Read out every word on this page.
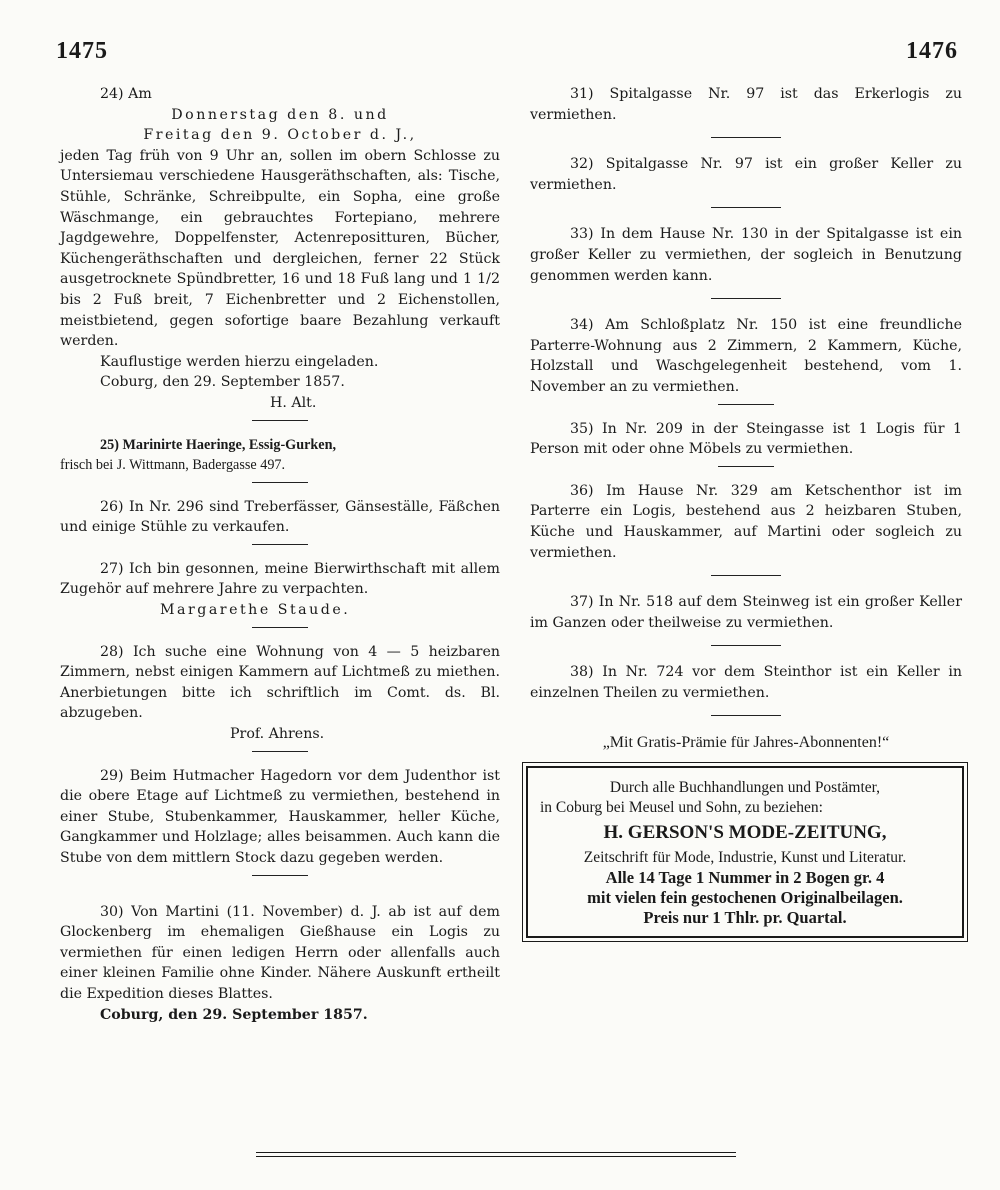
1475	1476

24) Am

Donnerstag den 8. und

Freitag den 9. October d. J.,

jeden Tag früh von 9 Uhr an, sollen im obern Schlosse zu Untersiemau verschiedene Hausgeräthschaften, als: Tische, Stühle, Schränke, Schreibpulte, ein Sopha, eine große Wäschmange, ein gebrauchtes Fortepiano, mehrere Jagdgewehre, Doppelfenster, Actenrepositturen, Bücher, Küchengeräthschaften und dergleichen, ferner 22 Stück ausgetrocknete Spündbretter, 16 und 18 Fuß lang und 1 1/2 bis 2 Fuß breit, 7 Eichenbretter und 2 Eichenstollen, meistbietend, gegen sofortige baare Bezahlung verkauft werden.

Kauflustige werden hierzu eingeladen.

Coburg, den 29. September 1857.

H. Alt.

25) Marinirte Haeringe, Essig-Gurken,

frisch bei J. Wittmann, Badergasse 497.

26) In Nr. 296 sind Treberfässer, Gänseställe, Fäßchen und einige Stühle zu verkaufen.

27) Ich bin gesonnen, meine Bierwirthschaft mit allem Zugehör auf mehrere Jahre zu verpachten.

Margarethe Staude.

28) Ich suche eine Wohnung von 4 — 5 heizbaren Zimmern, nebst einigen Kammern auf Lichtmeß zu miethen. Anerbietungen bitte ich schriftlich im Comt. ds. Bl. abzugeben.

Prof. Ahrens.

29) Beim Hutmacher Hagedorn vor dem Judenthor ist die obere Etage auf Lichtmeß zu vermiethen, bestehend in einer Stube, Stubenkammer, Hauskammer, heller Küche, Gangkammer und Holzlage; alles beisammen. Auch kann die Stube von dem mittlern Stock dazu gegeben werden.

30) Von Martini (11. November) d. J. ab ist auf dem Glockenberg im ehemaligen Gießhause ein Logis zu vermiethen für einen ledigen Herrn oder allenfalls auch einer kleinen Familie ohne Kinder. Nähere Auskunft ertheilt die Expedition dieses Blattes.

Coburg, den 29. September 1857.

31) Spitalgasse Nr. 97 ist das Erkerlogis zu vermiethen.

32) Spitalgasse Nr. 97 ist ein großer Keller zu vermiethen.

33) In dem Hause Nr. 130 in der Spitalgasse ist ein großer Keller zu vermiethen, der sogleich in Benutzung genommen werden kann.

34) Am Schloßplatz Nr. 150 ist eine freundliche Parterre-Wohnung aus 2 Zimmern, 2 Kammern, Küche, Holzstall und Waschgelegenheit bestehend, vom 1. November an zu vermiethen.

35) In Nr. 209 in der Steingasse ist 1 Logis für 1 Person mit oder ohne Möbels zu vermiethen.

36) Im Hause Nr. 329 am Ketschenthor ist im Parterre ein Logis, bestehend aus 2 heizbaren Stuben, Küche und Hauskammer, auf Martini oder sogleich zu vermiethen.

37) In Nr. 518 auf dem Steinweg ist ein großer Keller im Ganzen oder theilweise zu vermiethen.

38) In Nr. 724 vor dem Steinthor ist ein Keller in einzelnen Theilen zu vermiethen.

„Mit Gratis-Prämie für Jahres-Abonnenten!“

Durch alle Buchhandlungen und Postämter,

in Coburg bei Meusel und Sohn, zu beziehen:

H. GERSON'S MODE-ZEITUNG,

Zeitschrift für Mode, Industrie, Kunst und Literatur.

Alle 14 Tage 1 Nummer in 2 Bogen gr. 4

mit vielen fein gestochenen Originalbeilagen.

Preis nur 1 Thlr. pr. Quartal.
